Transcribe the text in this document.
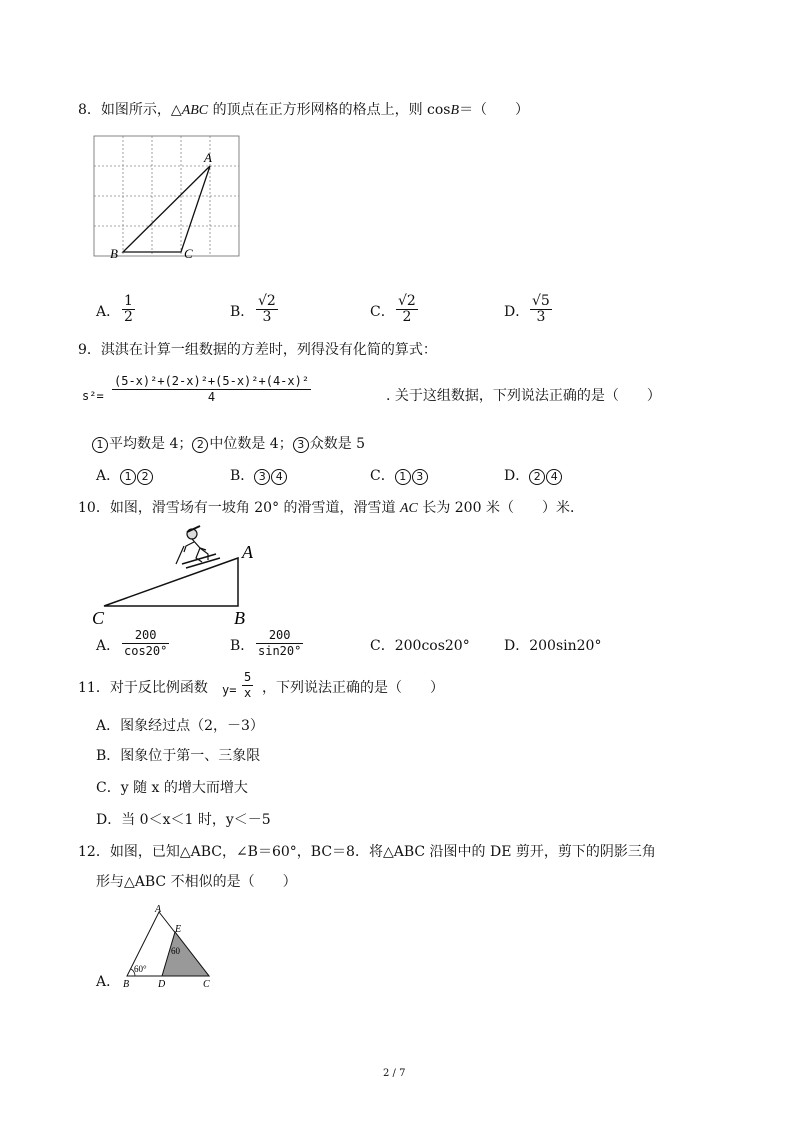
8．如图所示，△ABC 的顶点在正方形网格的格点上，则 cosB＝（　　）
A
B	C
A． $\frac{1}{2}$	B． $\frac{√2}{3}$	C． $\frac{√2}{2}$	D． $\frac{√5}{3}$
9．淇淇在计算一组数据的方差时，列得没有化简的算式：
$s^2= \frac{\text{(5-x)²+(2-x)²+(5-x)²+(4-x)²}}{4}$	. 关于这组数据，下列说法正确的是（　　）
1 平均数是 4； 2 中位数是 4； 3 众数是 5
A． 1 2	B． 3 4	C． 1 3	D． 2 4
10．如图，滑雪场有一坡角 20° 的滑雪道，滑雪道 AC 长为 200 米（　　）米．
A
C	B
A． $\frac{200}{\cos 20^\circ}$	B． $\frac{200}{\sin 20^\circ}$	C．200cos20° D．200sin20°
11．对于反比例函数 $y= \frac{5}{x}$ ，下列说法正确的是（　　）
A．图象经过点（2，－3）
B．图象位于第一、三象限
C．y 随 x 的增大而增大
D．当 0＜x＜1 时，y＜－5
12．如图，已知△ABC，∠B＝60°，BC＝8．将△ABC 沿图中的 DE 剪开，剪下的阴影三角
形与△ABC 不相似的是（　　）
A．
A
E
B	D	C
60°
60
2 / 7
